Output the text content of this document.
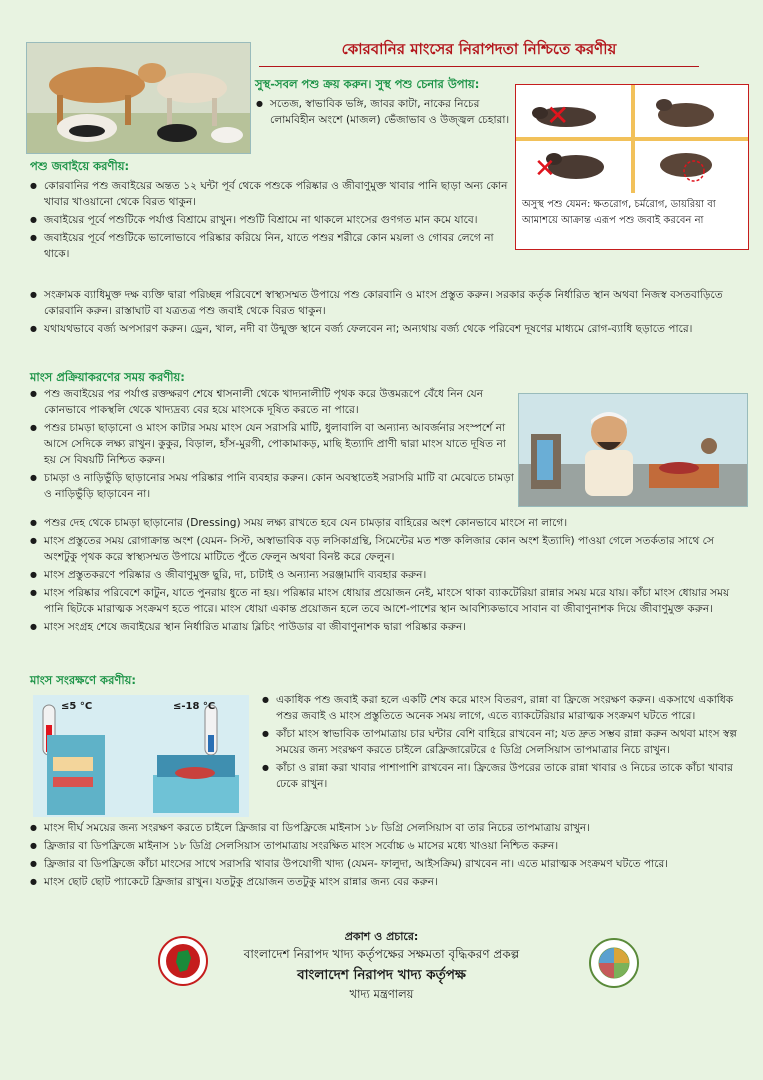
কোরবানির মাংসের নিরাপদতা নিশ্চিতে করণীয়
সুস্থ-সবল পশু ক্রয় করুন। সুস্থ পশু চেনার উপায়:
● সতেজ, স্বাভাবিক ভঙ্গি, জাবর কাটা, নাকের নিচের লোমবিহীন অংশে (মাজল) ভেঁজাভাব ও উজ্জ্বল চেহারা। ✕
✕
অসুস্থ পশু যেমন: ক্ষতরোগ, চর্মরোগ, ডায়রিয়া বা আমাশয়ে আক্রান্ত এরূপ পশু জবাই করবেন না
পশু জবাইয়ে করণীয়:
● কোরবানির পশু জবাইয়ের অন্তত ১২ ঘন্টা পূর্ব থেকে পশুকে পরিষ্কার ও জীবাণুমুক্ত খাবার পানি ছাড়া অন্য কোন খাবার খাওয়ানো থেকে বিরত থাকুন।
● জবাইয়ের পূর্বে পশুটিকে পর্যাপ্ত বিশ্রামে রাখুন। পশুটি বিশ্রামে না থাকলে মাংসের গুণগত মান কমে যাবে।
● জবাইয়ের পূর্বে পশুটিকে ভালোভাবে পরিষ্কার করিয়ে নিন, যাতে পশুর শরীরে কোন ময়লা ও গোবর লেগে না থাকে।
● সংক্রামক ব্যাধিমুক্ত দক্ষ ব্যক্তি দ্বারা পরিচ্ছন্ন পরিবেশে স্বাস্থ্যসম্মত উপায়ে পশু কোরবানি ও মাংস প্রস্তুত করুন। সরকার কর্তৃক নির্ধারিত স্থান অথবা নিজস্ব বসতবাড়িতে কোরবানি করুন। রাস্তাঘাট বা যত্রতত্র পশু জবাই থেকে বিরত থাকুন।
● যথাযথভাবে বর্জ্য অপসারণ করুন। ড্রেন, খাল, নদী বা উন্মুক্ত স্থানে বর্জ্য ফেলবেন না; অন্যথায় বর্জ্য থেকে পরিবেশ দূষণের মাধ্যমে রোগ-ব্যাধি ছড়াতে পারে।
মাংস প্রক্রিয়াকরণের সময় করণীয়:
● পশু জবাইয়ের পর পর্যাপ্ত রক্তক্ষরণ শেষে শ্বাসনালী থেকে খাদ্যনালীটি পৃথক করে উত্তমরূপে বেঁধে নিন যেন কোনভাবে পাকস্থলি থেকে খাদ্যদ্রব্য বের হয়ে মাংসকে দূষিত করতে না পারে।
● পশুর চামড়া ছাড়ানো ও মাংস কাটার সময় মাংস যেন সরাসরি মাটি, ধুলাবালি বা অন্যান্য আবর্জনার সংস্পর্শে না আসে সেদিকে লক্ষ্য রাখুন। কুকুর, বিড়াল, হাঁস-মুরগী, পোকামাকড়, মাছি ইত্যাদি প্রাণী দ্বারা মাংস যাতে দূষিত না হয় সে বিষয়টি নিশ্চিত করুন।
● চামড়া ও নাড়িভুঁড়ি ছাড়ানোর সময় পরিষ্কার পানি ব্যবহার করুন। কোন অবস্থাতেই সরাসরি মাটি বা মেঝেতে চামড়া ও নাড়িভুঁড়ি ছাড়াবেন না।
● পশুর দেহ থেকে চামড়া ছাড়ানোর (Dressing) সময় লক্ষ্য রাখতে হবে যেন চামড়ার বাহিরের অংশ কোনভাবে মাংসে না লাগে।
● মাংস প্রস্তুতের সময় রোগাক্রান্ত অংশ (যেমন- সিস্ট, অস্বাভাবিক বড় লসিকাগ্রন্থি, সিমেন্টের মত শক্ত কলিজার কোন অংশ ইত্যাদি) পাওয়া গেলে সতর্কতার সাথে সে অংশটুকু পৃথক করে স্বাস্থ্যসম্মত উপায়ে মাটিতে পুঁতে ফেলুন অথবা বিনষ্ট করে ফেলুন।
● মাংস প্রস্তুতকরণে পরিষ্কার ও জীবাণুমুক্ত ছুরি, দা, চাটাই ও অন্যান্য সরঞ্জামাদি ব্যবহার করুন।
● মাংস পরিষ্কার পরিবেশে কাটুন, যাতে পুনরায় ধুতে না হয়। পরিষ্কার মাংস ধোয়ার প্রয়োজন নেই, মাংসে থাকা ব্যাকটেরিয়া রান্নার সময় মরে যায়। কাঁচা মাংস ধোয়ার সময় পানি ছিটকে মারাত্মক সংক্রমণ হতে পারে। মাংস ধোয়া একান্ত প্রয়োজন হলে তবে আশে-পাশের স্থান আবশ্যিকভাবে সাবান বা জীবাণুনাশক দিয়ে জীবাণুমুক্ত করুন।
● মাংস সংগ্রহ শেষে জবাইয়ের স্থান নির্ধারিত মাত্রায় ব্লিচিং পাউডার বা জীবাণুনাশক দ্বারা পরিষ্কার করুন।
মাংস সংরক্ষণে করণীয়:
≤5 °C	≤-18 °C
● একাধিক পশু জবাই করা হলে একটি শেষ করে মাংস বিতরণ, রান্না বা ফ্রিজে সংরক্ষণ করুন। একসাথে একাধিক পশুর জবাই ও মাংস প্রস্তুতিতে অনেক সময় লাগে, এতে ব্যাকটেরিয়ার মারাত্মক সংক্রমণ ঘটতে পারে।
● কাঁচা মাংস স্বাভাবিক তাপমাত্রায় চার ঘন্টার বেশি বাহিরে রাখবেন না; যত দ্রুত সম্ভব রান্না করুন অথবা মাংস স্বল্প সময়ের জন্য সংরক্ষণ করতে চাইলে রেফ্রিজারেটরে ৫ ডিগ্রি সেলসিয়াস তাপমাত্রার নিচে রাখুন।
● কাঁচা ও রান্না করা খাবার পাশাপাশি রাখবেন না। ফ্রিজের উপরের তাকে রান্না খাবার ও নিচের তাকে কাঁচা খাবার ঢেকে রাখুন।
● মাংস দীর্ঘ সময়ের জন্য সংরক্ষণ করতে চাইলে ফ্রিজার বা ডিপফ্রিজে মাইনাস ১৮ ডিগ্রি সেলসিয়াস বা তার নিচের তাপমাত্রায় রাখুন।
● ফ্রিজার বা ডিপফ্রিজে মাইনাস ১৮ ডিগ্রি সেলসিয়াস তাপমাত্রায় সংরক্ষিত মাংস সর্বোচ্চ ৬ মাসের মধ্যে খাওয়া নিশ্চিত করুন।
● ফ্রিজার বা ডিপফ্রিজে কাঁচা মাংসের সাথে সরাসরি খাবার উপযোগী খাদ্য (যেমন- ফালুদা, আইসক্রিম) রাখবেন না। এতে মারাত্মক সংক্রমণ ঘটতে পারে।
● মাংস ছোট ছোট প্যাকেটে ফ্রিজার রাখুন। যতটুকু প্রয়োজন ততটুকু মাংস রান্নার জন্য বের করুন।
প্রকাশ ও প্রচারে:
বাংলাদেশ নিরাপদ খাদ্য কর্তৃপক্ষের সক্ষমতা বৃদ্ধিকরণ প্রকল্প
বাংলাদেশ নিরাপদ খাদ্য কর্তৃপক্ষ
খাদ্য মন্ত্রণালয়
